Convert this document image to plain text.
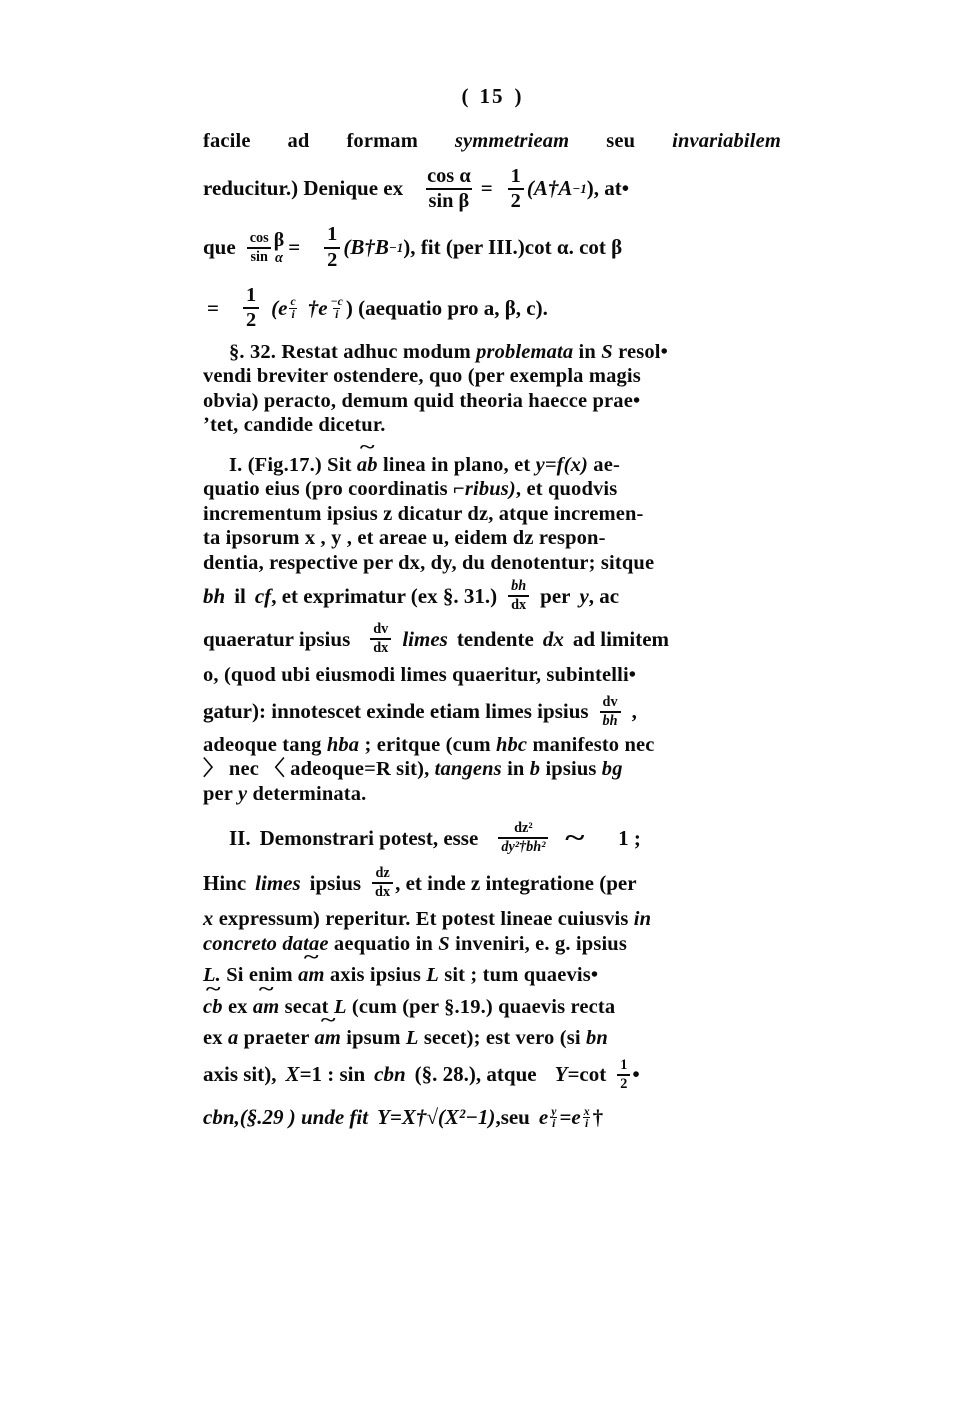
( 15 )
facile ad formam symmetrieam seu invariabilem
reducitur.) Denique ex $\frac{\text{cos α}}{\text{sin β}} = \frac{1}{2}$ (A†A −1 ), at•
que $\frac{\cos}{\sin}$ β
$\alpha = \frac{1}{2}$ (B†B −1 ), fit (per III.)cot α. cot β
= $\frac{1}{2} (e \frac{c}{i}$ †e $\frac{-c}{i}$ ) (aequatio pro a, β, c).
§. 32. Restat adhuc modum problemata in S resol•
vendi breviter ostendere, quo (per exempla magis
obvia) peracto, demum quid theoria haecce prae•
ʼtet, candide dicetur.
I. (Fig.17.) Sit ~ ab linea in plano, et y=f(x) ae-
quatio eius (pro coordinatis ⌐ribus), et quodvis
incrementum ipsius z dicatur dz, atque incremen-
ta ipsorum x , y , et areae u, eidem dz respon-
dentia, respective per dx, dy, du denotentur; sitque
bh il cf , et exprimatur (ex §. $31.) \frac{bh}{dx}$ per y , ac
quaeratur ipsius $\frac{dv}{dx}$ limes tendente dx ad limitem
o, (quod ubi eiusmodi limes quaeritur, subintelli•
gatur): innotescet exinde etiam limes ipsius $\frac{dv}{bh}$ ,
adeoque tang hba ; eritque (cum hbc manifesto nec
〉 nec 〈 adeoque=R sit), tangens in b ipsius bg
per y determinata.
II. Demonstrari potest, esse $\frac{\text{dz²}}{\text{dy²†bh²}}$ ~ 1 ;
Hinc limes ipsius $\frac{dz}{dx}$ , et inde z integratione (per
x expressum) reperitur. Et potest lineae cuiusvis in
concreto datae aequatio in S inveniri, e. g. ipsius
L. Si enim ~ am axis ipsius L sit ; tum quaevis•
~ cb ex ~ am secat L (cum (per §.19.) quaevis recta
ex a praeter ~ am ipsum L secet); est vero (si bn
axis sit), X= 1 : sin cbn (§. 28.), atque $Y= \cot \frac{1}{2}$ •
cbn,(§.29 ) unde fit Y= X† √(X²−1) ,seu e $\frac{y}{i} =e \frac{x}{i}$ †
